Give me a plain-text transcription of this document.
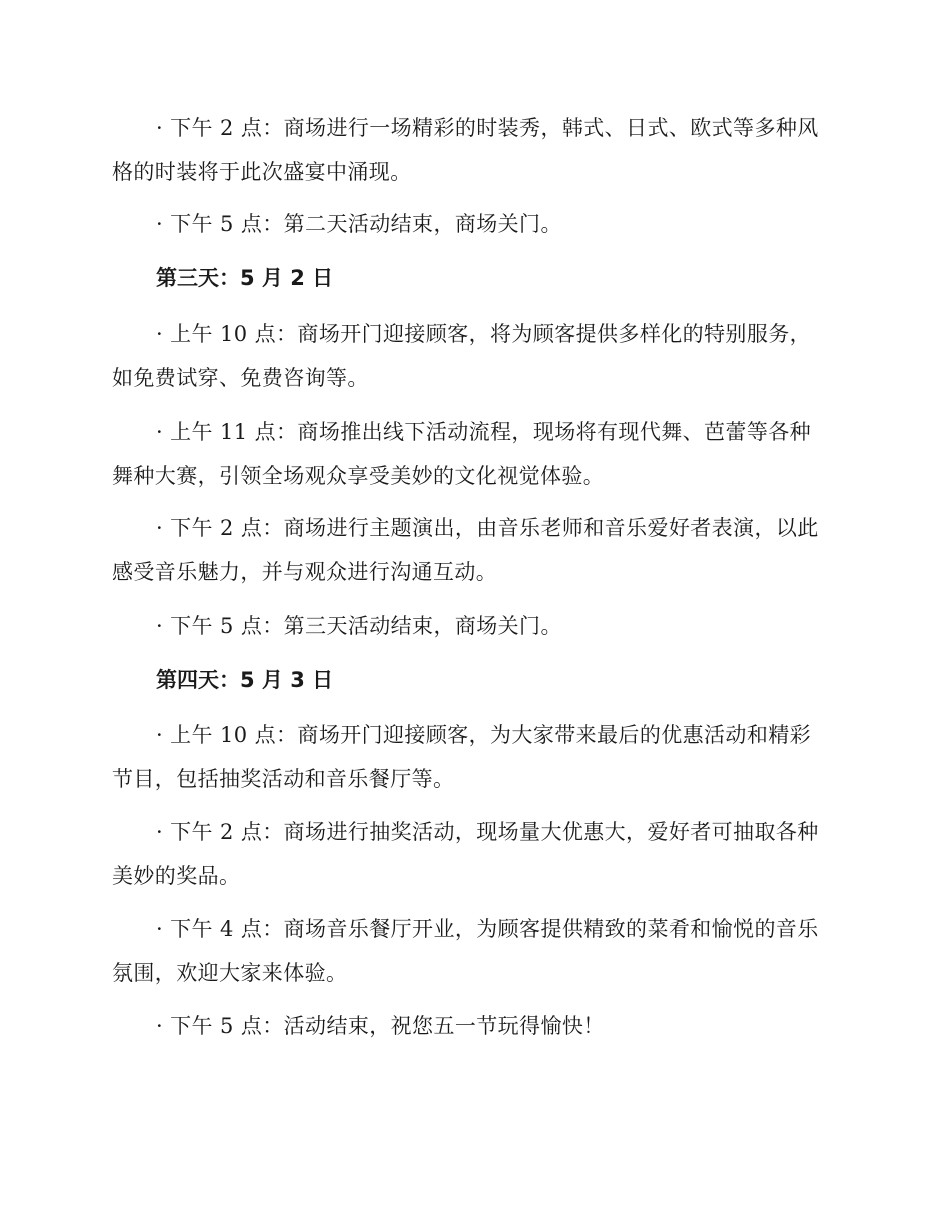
· 下午 2 点：商场进行一场精彩的时装秀，韩式、日式、欧式等多种风格的时装将于此次盛宴中涌现。

· 下午 5 点：第二天活动结束，商场关门。

第三天：5 月 2 日

· 上午 10 点：商场开门迎接顾客，将为顾客提供多样化的特别服务，如免费试穿、免费咨询等。

· 上午 11 点：商场推出线下活动流程，现场将有现代舞、芭蕾等各种舞种大赛，引领全场观众享受美妙的文化视觉体验。

· 下午 2 点：商场进行主题演出，由音乐老师和音乐爱好者表演，以此感受音乐魅力，并与观众进行沟通互动。

· 下午 5 点：第三天活动结束，商场关门。

第四天：5 月 3 日

· 上午 10 点：商场开门迎接顾客，为大家带来最后的优惠活动和精彩节目，包括抽奖活动和音乐餐厅等。

· 下午 2 点：商场进行抽奖活动，现场量大优惠大，爱好者可抽取各种美妙的奖品。

· 下午 4 点：商场音乐餐厅开业，为顾客提供精致的菜肴和愉悦的音乐氛围，欢迎大家来体验。

· 下午 5 点：活动结束，祝您五一节玩得愉快！
